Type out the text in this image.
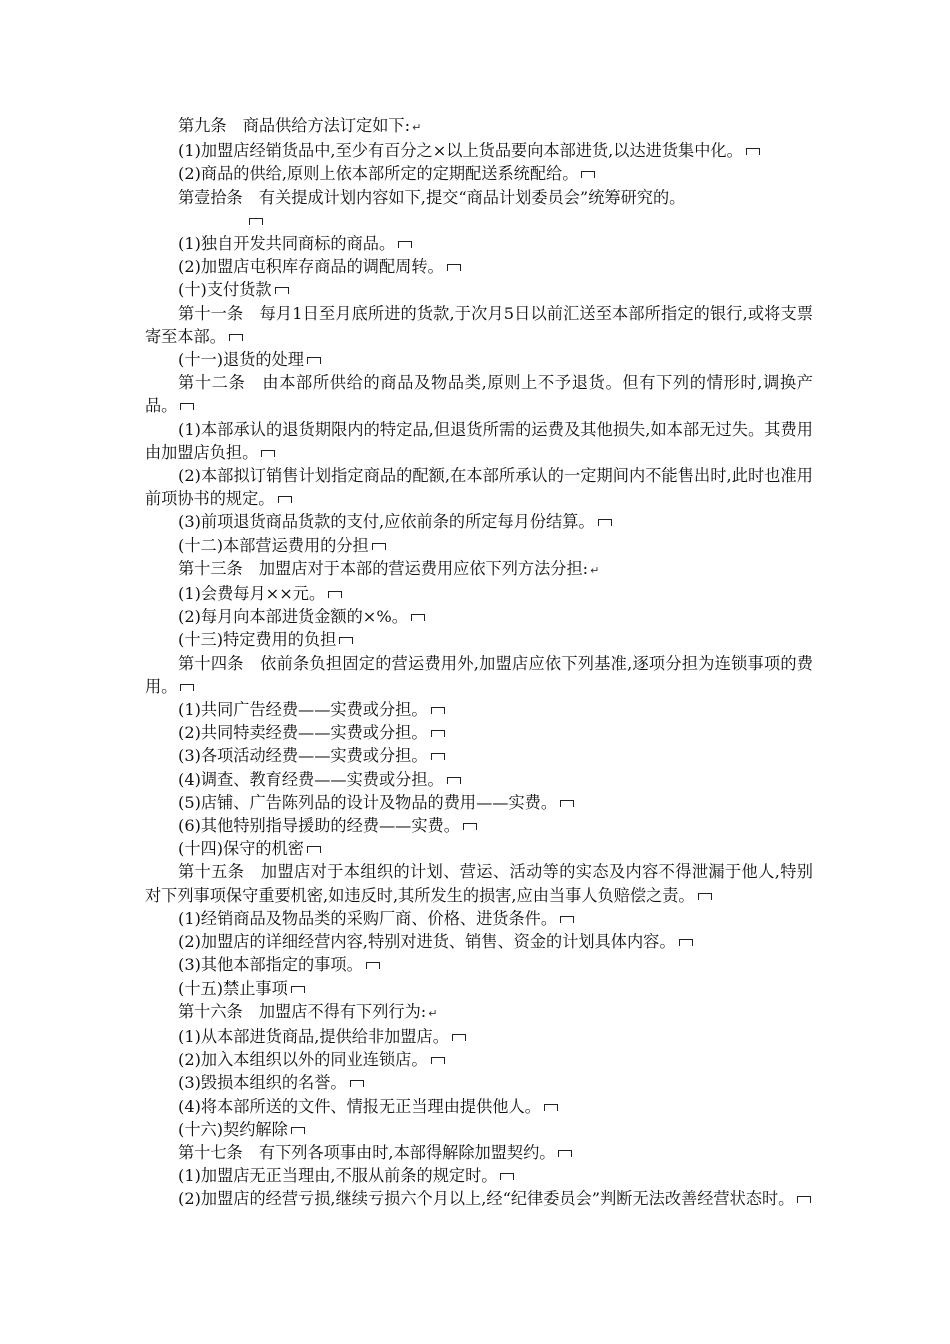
第九条　商品供给方法订定如下: ↵

(1)加盟店经销货品中,至少有百分之×以上货品要向本部进货,以达进货集中化。

(2)商品的供给,原则上依本部所定的定期配送系统配给。

第壹拾条　有关提成计划内容如下,提交“商品计划委员会”统筹研究的。

(1)独自开发共同商标的商品。

(2)加盟店屯积库存商品的调配周转。

(十)支付货款

第十一条　每月1日至月底所进的货款,于次月5日以前汇送至本部所指定的银行,或将支票寄至本部。

(十一)退货的处理

第十二条　由本部所供给的商品及物品类,原则上不予退货。但有下列的情形时,调换产品。

(1)本部承认的退货期限内的特定品,但退货所需的运费及其他损失,如本部无过失。其费用由加盟店负担。

(2)本部拟订销售计划指定商品的配额,在本部所承认的一定期间内不能售出时,此时也准用前项协书的规定。

(3)前项退货商品货款的支付,应依前条的所定每月份结算。

(十二)本部营运费用的分担

第十三条　加盟店对于本部的营运费用应依下列方法分担: ↵

(1)会费每月××元。

(2)每月向本部进货金额的×%。

(十三)特定费用的负担

第十四条　依前条负担固定的营运费用外,加盟店应依下列基准,逐项分担为连锁事项的费用。

(1)共同广告经费——实费或分担。

(2)共同特卖经费——实费或分担。

(3)各项活动经费——实费或分担。

(4)调查、教育经费——实费或分担。

(5)店铺、广告陈列品的设计及物品的费用——实费。

(6)其他特别指导援助的经费——实费。

(十四)保守的机密

第十五条　加盟店对于本组织的计划、营运、活动等的实态及内容不得泄漏于他人,特别对下列事项保守重要机密,如违反时,其所发生的损害,应由当事人负赔偿之责。

(1)经销商品及物品类的采购厂商、价格、进货条件。

(2)加盟店的详细经营内容,特别对进货、销售、资金的计划具体内容。

(3)其他本部指定的事项。

(十五)禁止事项

第十六条　加盟店不得有下列行为: ↵

(1)从本部进货商品,提供给非加盟店。

(2)加入本组织以外的同业连锁店。

(3)毁损本组织的名誉。

(4)将本部所送的文件、情报无正当理由提供他人。

(十六)契约解除

第十七条　有下列各项事由时,本部得解除加盟契约。

(1)加盟店无正当理由,不服从前条的规定时。

(2)加盟店的经营亏损,继续亏损六个月以上,经“纪律委员会”判断无法改善经营状态时。
